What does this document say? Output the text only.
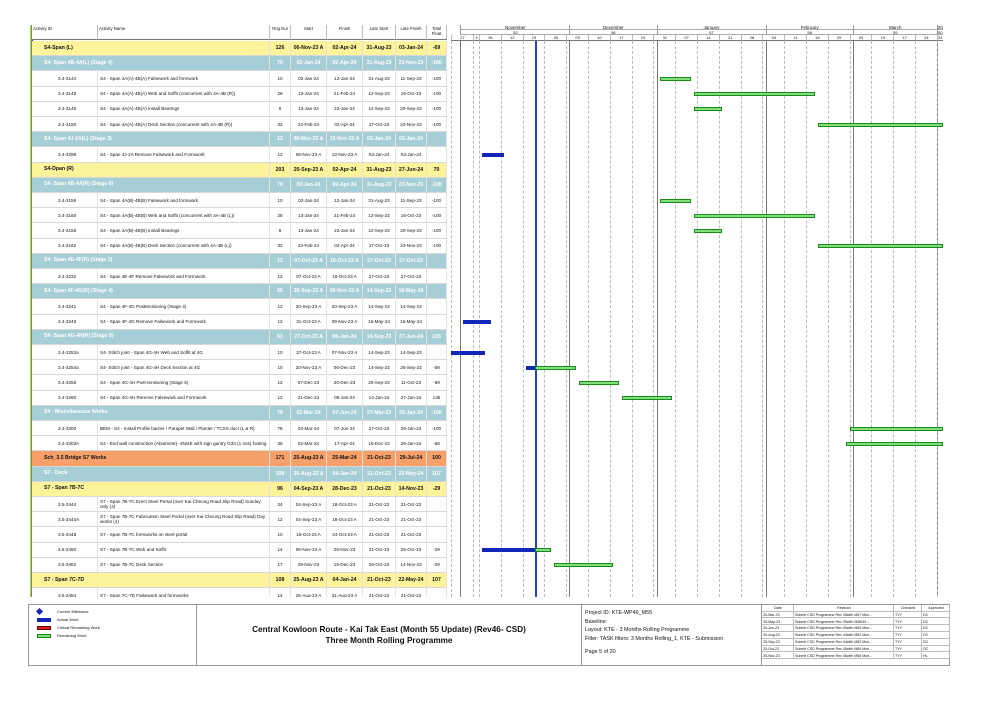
Activity ID	Activity Name	Orig Dur	Start	Finish	Late Start	Late Finish	Total Float
S4-Span (L)	126	06-Nov-23 A	02-Apr-24	31-Aug-23	03-Jan-24	-69
S4- Span 4B-4A(L) (Stage 4)	70	02-Jan-24	02-Apr-24	31-Aug-23	23-Nov-23	-100
3.4-3144	S4 - Span 4A(A)-4B(A) Falsework and formwork	10	02-Jan-24	12-Jan-24	31-Aug-23	11-Sep-23	-100
3.4-3148	S4 - Span 4A(A)-4B(A) Web and Soffit (concurrent with 4A-4B (R))	28	13-Jan-24	21-Feb-24	12-Sep-23	16-Oct-23	-100
3.4-3146	S4 - Span 4A(A)-4B(A) Install Bearings	8	13-Jan-24	22-Jan-24	12-Sep-23	20-Sep-23	-100
3.4-3150	S4 - Span 4A(A)-4B(A) Deck Section (concurrent with 4A-4B (R))	32	22-Feb-24	02-Apr-24	17-Oct-23	23-Nov-23	-100
S4- Span 4J-2A(L) (Stage 3)	12	06-Nov-23 A	13-Nov-23 A	03-Jan-24	03-Jan-24
3.4-3298	S4 - Span 4J-2A Remove Falsework and Formwork	12	06-Nov-23 A	13-Nov-23 A	03-Jan-24	03-Jan-24
S4-Dpan (R)	203	20-Sep-23 A	02-Apr-24	31-Aug-23	27-Jun-24	70
S4- Span 4B-4A(R) (Stage 6)	70	02-Jan-24	02-Apr-24	31-Aug-23	23-Nov-23	-100
3.4-3156	S4 - Span 4A(B)-4B(B) Falsework and formwork	10	02-Jan-24	12-Jan-24	31-Aug-23	11-Sep-23	-100
3.4-3160	S4 - Span 4A(B)-4B(B) Web and Soffit (concurrent with 4A-4B (L))	28	13-Jan-24	21-Feb-24	12-Sep-23	16-Oct-23	-100
3.4-3158	S4 - Span 4A(B)-4B(B) Install Bearings	8	13-Jan-24	22-Jan-24	12-Sep-23	20-Sep-23	-100
3.4-3162	S4 - Span 4A(B)-4B(B) Deck Section (concurrent with 4A-4B (L))	32	22-Feb-24	02-Apr-24	17-Oct-23	23-Nov-23	-100
S4- Span 4E-4F(R) (Stage 2)	12	07-Oct-23 A	16-Oct-23 A	27-Oct-23	27-Oct-23
3.4-3232	S4 - Span 4E-4F Remove Falsework and Formwork	12	07-Oct-23 A	16-Oct-23 A	27-Oct-23	27-Oct-23
S4- Span 4F-4G(R) (Stage 4)	55	20-Sep-23 A	09-Nov-23 A	14-Sep-23	16-May-24
3.4-3241	S4 - Span 4F-4G Posttensioning (Stage 4)	12	20-Sep-23 A	20-Sep-23 A	14-Sep-23	14-Sep-23
3.4-3246	S4 - Span 4F-4G Remove Falsework and Formwork	12	31-Oct-23 A	09-Nov-23 A	16-May-24	16-May-24
S4- Span 4G-4H(R) (Stage 5)	53	27-Oct-23 A	06-Jan-24	14-Sep-23	27-Jun-24	135
3.4-3252a	S4- Stitch joint - Span 4G-4H Web and Soffit at 4G	10	27-Oct-23 A	07-Nov-23 A	14-Sep-23	14-Sep-23
3.4-3254a	S4- Stitch joint - Span 4G-4H Deck Section at 4G	10	20-Nov-23 A	06-Dec-23	14-Sep-23	25-Sep-23	-59
3.4-3258	S4 - Span 4G-4H Post-tensioning (Stage 5)	12	07-Dec-23	20-Dec-23	26-Sep-23	11-Oct-23	-59
3.4-3260	S4 - Span 4G-4H Remove Falsework and Formwork	12	21-Dec-23	06-Jan-24	14-Jun-24	27-Jun-24	135
S4 - Miscellaneous Works	78	02-Mar-24	07-Jun-24	27-Mar-23	29-Jan-24	-100
3.4-3300	BEM - S4 - Install Profile barrier / Parapet Wall / Planter / TCSS duct (L & R)	78	03-Mar-24	07-Jun-24	27-Oct-23	29-Jan-24	-100
3.4-3303A	S4 - End wall construction (Abutment)- 4N/4E with sign gantry G33 (1 nos) footing	36	02-Mar-24	17-Apr-24	15-Dec-23	29-Jan-24	-58
Sch_3.5 Bridge S7 Works	171	25-Aug-23 A	25-Mar-24	21-Oct-23	29-Jul-24	100
S7 - Deck	108	25-Aug-23 A	04-Jan-24	21-Oct-23	22-May-24	107
S7 - Span 7B-7C	96	04-Sep-23 A	28-Dec-23	21-Oct-23	14-Nov-23	-29
3.5-3444	S7 - Span 7B-7C Erect Steel Portal (over Kai Cheung Road Slip Road) Sunday only (4)	24	04-Sep-23 A	18-Oct-23 A	21-Oct-23	21-Oct-23
3.5-3444A	S7 - Span 7B-7C Fabrication Steel Portal (over Kai Cheung Road Slip Road) Day works (4)	12	04-Sep-23 A	18-Oct-23 A	21-Oct-23	21-Oct-23
3.5-3448	S7 - Span 7B-7C formworks on steel portal	10	19-Oct-23 A	24-Oct-23 A	21-Oct-23	21-Oct-23
3.5-3450	S7 - Span 7B-7C Web and Soffit	14	06-Nov-23 A	28-Nov-23	21-Oct-23	25-Oct-23	-29
3.5-3452	S7 - Span 7B-7C Deck Section	17	29-Nov-23	18-Dec-23	26-Oct-23	14-Nov-23	-29
S7 - Span 7C-7D	108	25-Aug-23 A	04-Jan-24	21-Oct-23	22-May-24	107
3.5-3454	S7 - Span 7C-7D Falsework and formworks	14	25-Aug-23 A	31-Aug-23 A	21-Oct-23	21-Oct-23
November
53
December
56
January
57
February
58
March
59
20
50
27	3	05	12	19	26	03	10	17	24	31	07	14	21	28	04	11	18	25	03	10	17	24	31
Current Milestone
Actual Work
Critical Remaining Work
Remaining Work
Central Kowloon Route - Kai Tak East (Month 55 Update) (Rev46- CSD)
Three Month Rolling Programme
Project ID: KTE-WP46_M55
Baseline:
Layout: KTE - 3 Months Rolling Programme
Filter: TASK filters: 3 Months Rolling_1, KTE - Submission
Page 5 of 20
Date	Revision	Checked	Approved
20-Mar-23	Submit CSD Programme Rev 39with M47 Mon...	TYY	DC
25-May-23	Submit CSD Programme Rev 39with M48/49 ...	TYY	DC
20-Jun-23	Submit CSD Programme Rev 40with M50 Mon...	TYY	DC
20-Aug-23	Submit CSD Programme Rev 43with M52 Mon...	TYY	DC
25-Sep-23	Submit CSD Programme Rev 44with M53 Mon...	TYY	DC
25-Oct-23	Submit CSD Programme Rev 45with M54 Mon...	TYY	DC
25-Nov-23	Submit CSD Programme Rev 46with M55 Mon...	TYY	HL
